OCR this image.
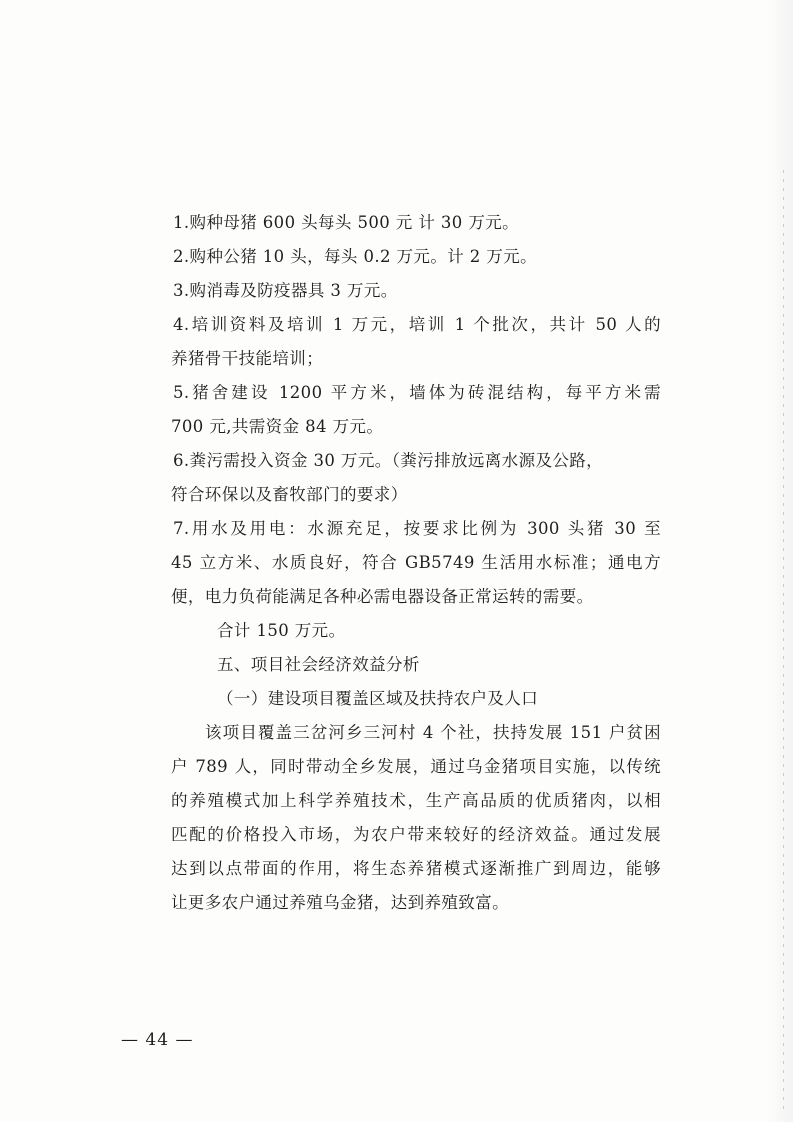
1.购种母猪 600 头每头 500 元 计 30 万元。
2.购种公猪 10 头，每头 0.2 万元。计 2 万元。
3.购消毒及防疫器具 3 万元。
4.培训资料及培训 1 万元，培训 1 个批次，共计 50 人的
养猪骨干技能培训；
5.猪舍建设 1200 平方米，墙体为砖混结构，每平方米需
700 元,共需资金 84 万元。
6.粪污需投入资金 30 万元。（粪污排放远离水源及公路，
符合环保以及畜牧部门的要求）
7.用水及用电：水源充足，按要求比例为 300 头猪 30 至
45 立方米、水质良好，符合 GB5749 生活用水标准；通电方
便，电力负荷能满足各种必需电器设备正常运转的需要。
合计 150 万元。
五、项目社会经济效益分析
（一）建设项目覆盖区域及扶持农户及人口
该项目覆盖三岔河乡三河村 4 个社，扶持发展 151 户贫困
户 789 人，同时带动全乡发展，通过乌金猪项目实施，以传统
的养殖模式加上科学养殖技术，生产高品质的优质猪肉，以相
匹配的价格投入市场，为农户带来较好的经济效益。通过发展
达到以点带面的作用，将生态养猪模式逐渐推广到周边，能够
让更多农户通过养殖乌金猪，达到养殖致富。
— 44 —
